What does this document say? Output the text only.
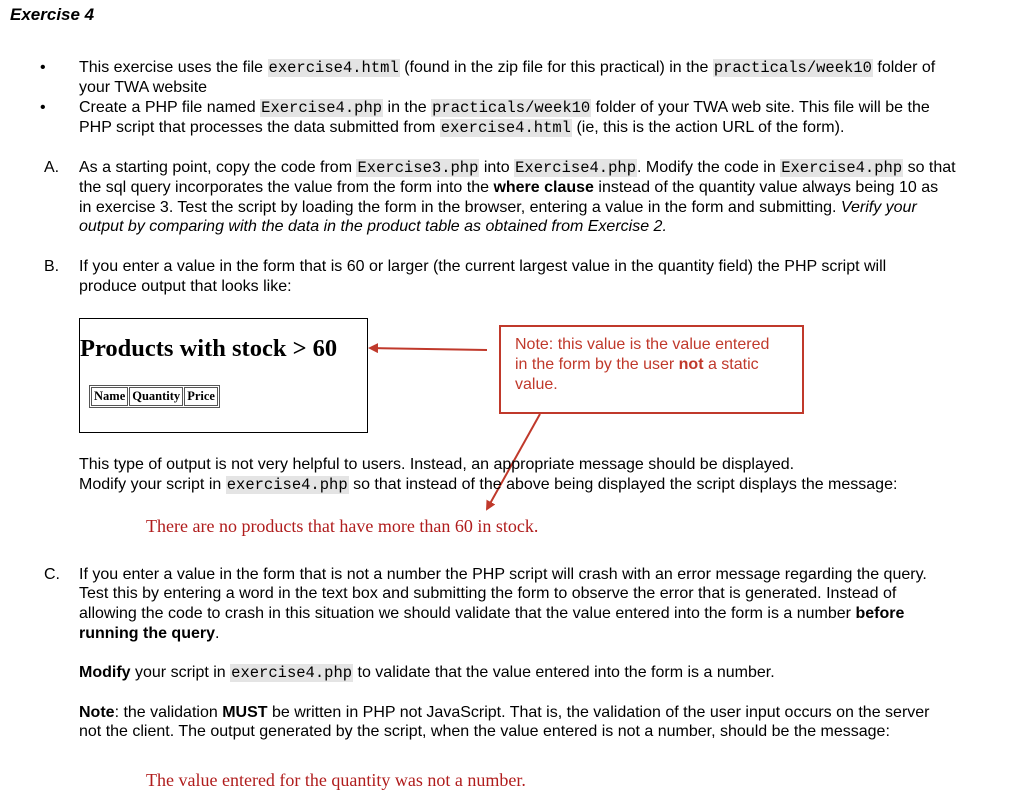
Exercise 4
• This exercise uses the file exercise4.html (found in the zip file for this practical) in the practicals/week10 folder of
your TWA website
• Create a PHP file named Exercise4.php in the practicals/week10 folder of your TWA web site. This file will be the
PHP script that processes the data submitted from exercise4.html (ie, this is the action URL of the form).
A. As a starting point, copy the code from Exercise3.php into Exercise4.php. Modify the code in Exercise4.php so that
the sql query incorporates the value from the form into the where clause instead of the quantity value always being 10 as
in exercise 3. Test the script by loading the form in the browser, entering a value in the form and submitting. Verify your
output by comparing with the data in the product table as obtained from Exercise 2.
B. If you enter a value in the form that is 60 or larger (the current largest value in the quantity field) the PHP script will
produce output that looks like:
Products with stock > 60
Name	Quantity	Price
Note: this value is the value entered
in the form by the user not a static
value.
This type of output is not very helpful to users. Instead, an appropriate message should be displayed.
Modify your script in exercise4.php so that instead of the above being displayed the script displays the message:
There are no products that have more than 60 in stock.
C. If you enter a value in the form that is not a number the PHP script will crash with an error message regarding the query.
Test this by entering a word in the text box and submitting the form to observe the error that is generated. Instead of
allowing the code to crash in this situation we should validate that the value entered into the form is a number before
running the query.
Modify your script in exercise4.php to validate that the value entered into the form is a number.
Note: the validation MUST be written in PHP not JavaScript. That is, the validation of the user input occurs on the server
not the client. The output generated by the script, when the value entered is not a number, should be the message:
The value entered for the quantity was not a number.
